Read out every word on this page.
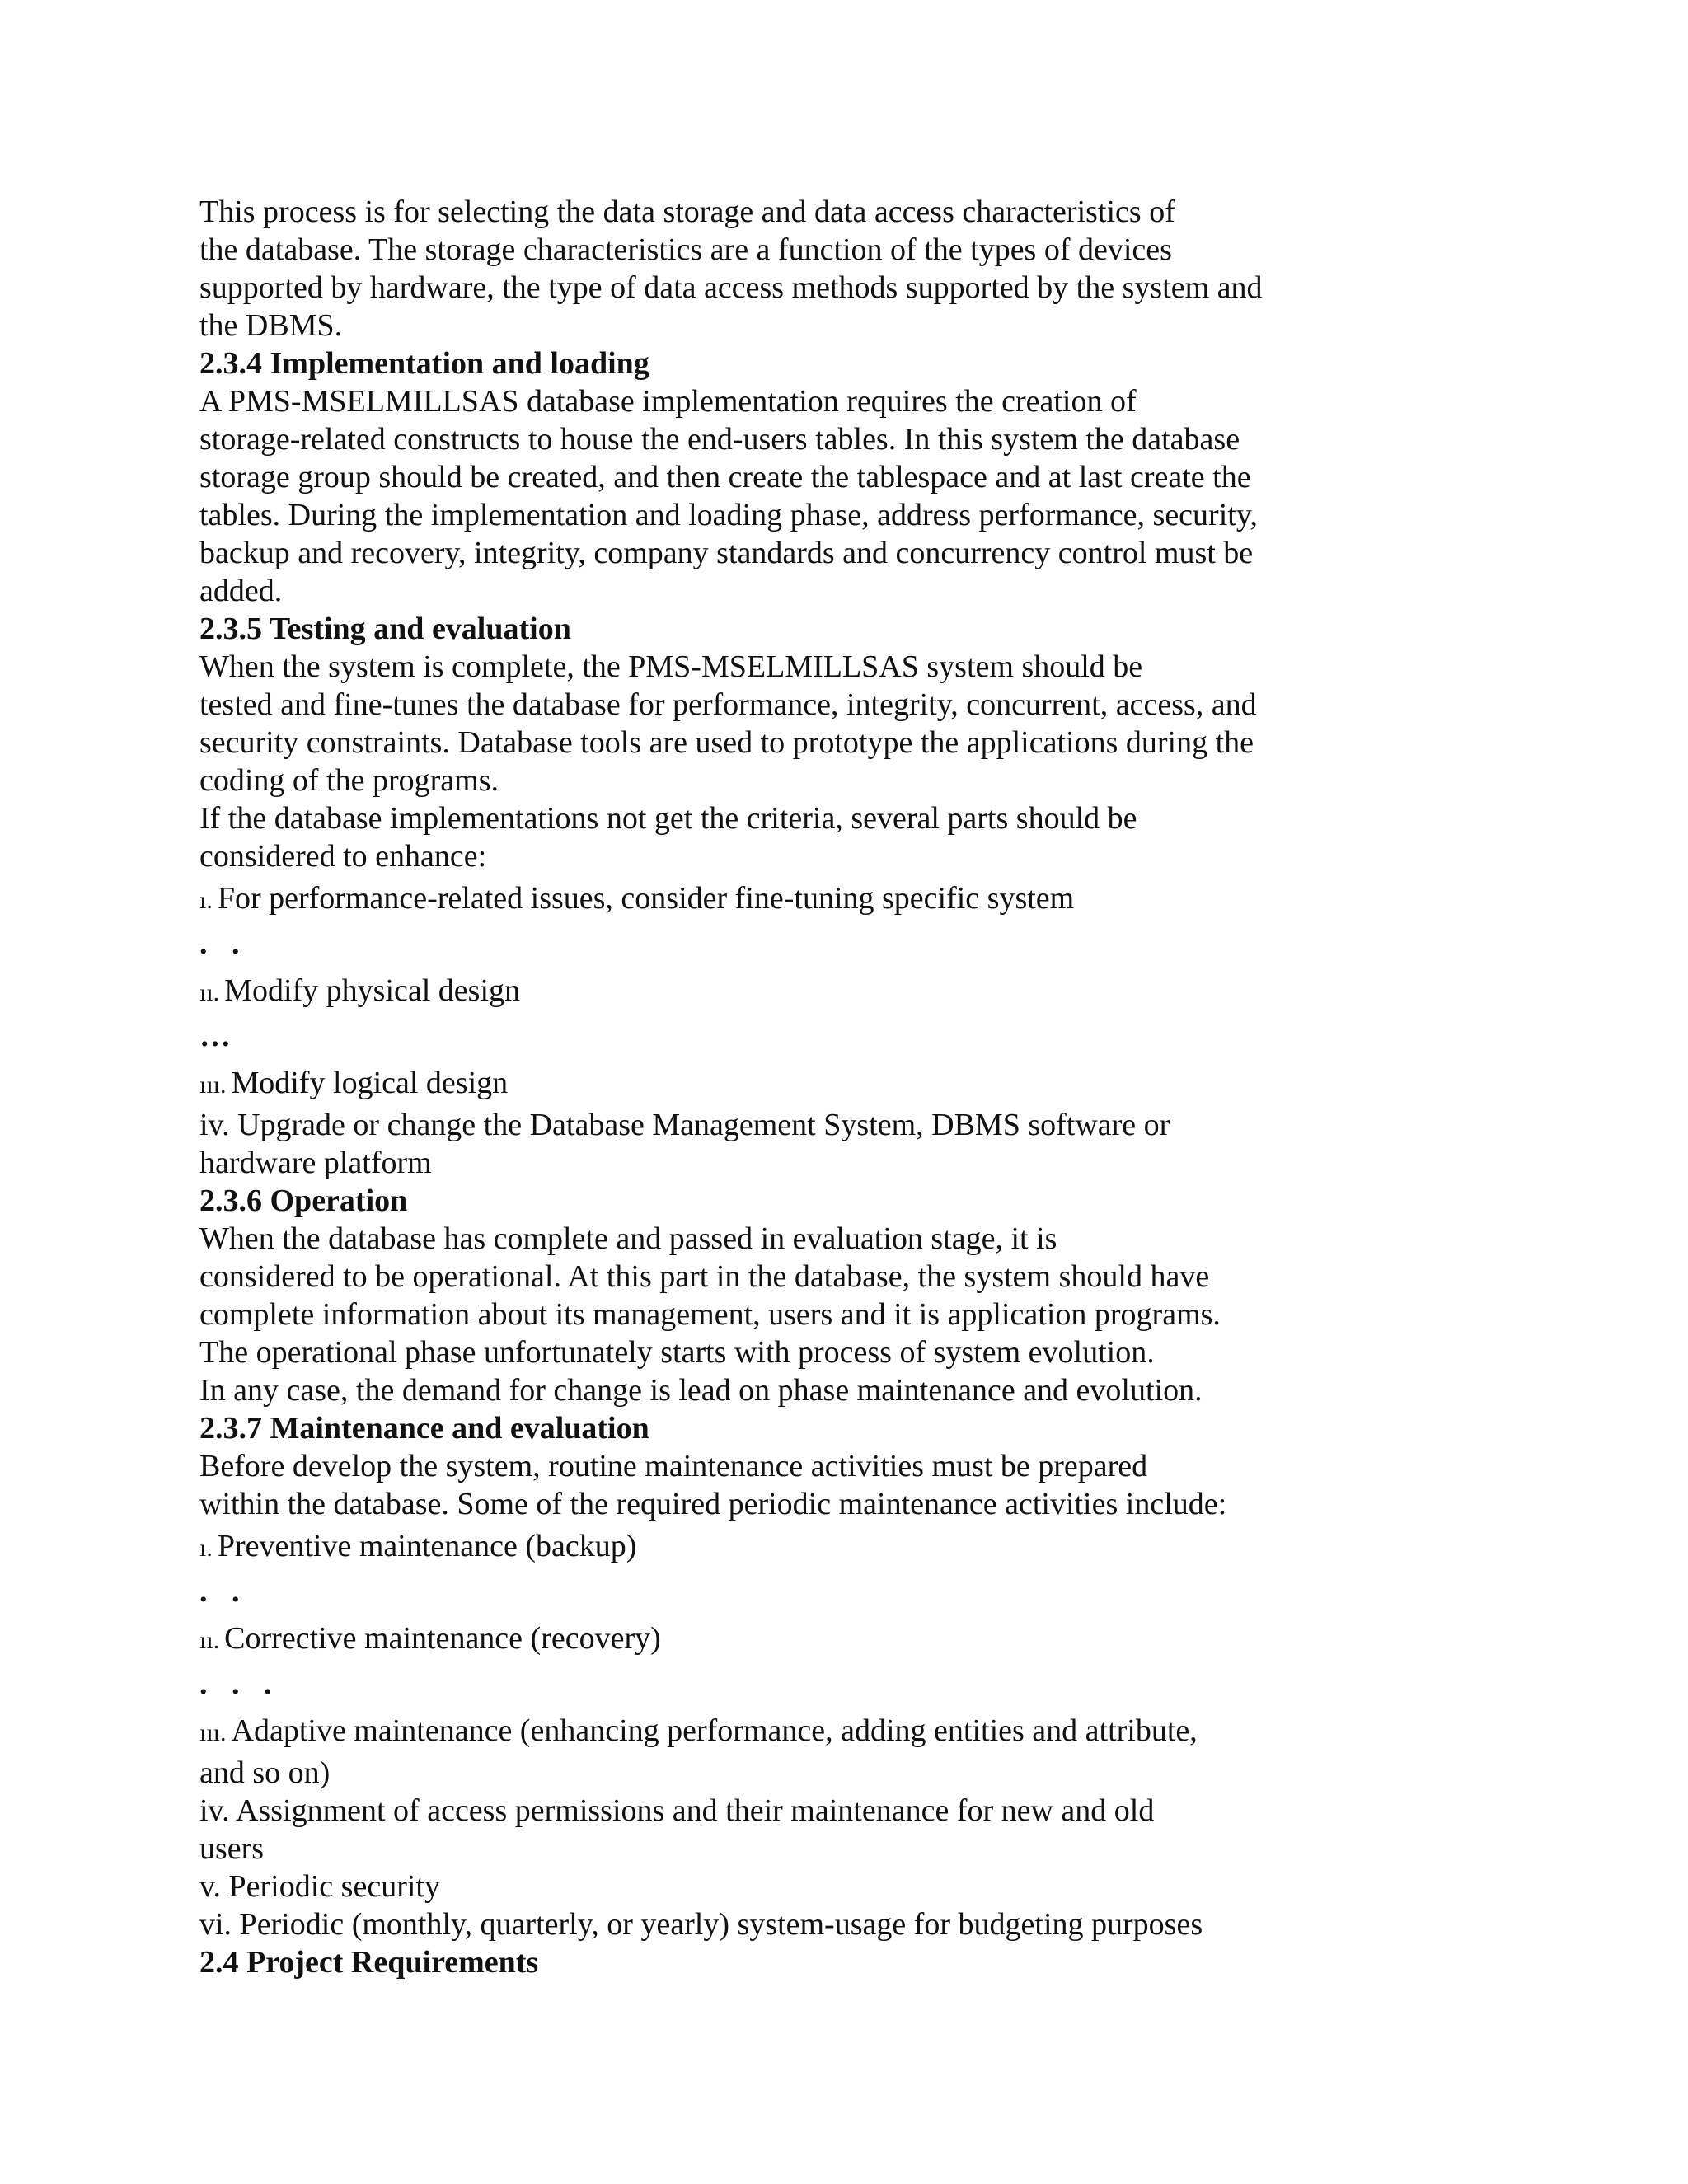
This process is for selecting the data storage and data access characteristics of
the database. The storage characteristics are a function of the types of devices
supported by hardware, the type of data access methods supported by the system and
the DBMS.
2.3.4 Implementation and loading
A PMS-MSELMILLSAS database implementation requires the creation of
storage-related constructs to house the end-users tables. In this system the database
storage group should be created, and then create the tablespace and at last create the
tables. During the implementation and loading phase, address performance, security,
backup and recovery, integrity, company standards and concurrency control must be
added.
2.3.5 Testing and evaluation
When the system is complete, the PMS-MSELMILLSAS system should be
tested and fine-tunes the database for performance, integrity, concurrent, access, and
security constraints. Database tools are used to prototype the applications during the
coding of the programs.
If the database implementations not get the criteria, several parts should be
considered to enhance:
ı. For performance-related issues, consider fine-tuning specific system
. .
ıı. Modify physical design
…
ııı. Modify logical design
iv. Upgrade or change the Database Management System, DBMS software or
hardware platform
2.3.6 Operation
When the database has complete and passed in evaluation stage, it is
considered to be operational. At this part in the database, the system should have
complete information about its management, users and it is application programs.
The operational phase unfortunately starts with process of system evolution.
In any case, the demand for change is lead on phase maintenance and evolution.
2.3.7 Maintenance and evaluation
Before develop the system, routine maintenance activities must be prepared
within the database. Some of the required periodic maintenance activities include:
ı. Preventive maintenance (backup)
. .
ıı. Corrective maintenance (recovery)
. . .
ııı. Adaptive maintenance (enhancing performance, adding entities and attribute,
and so on)
iv. Assignment of access permissions and their maintenance for new and old
users
v. Periodic security
vi. Periodic (monthly, quarterly, or yearly) system-usage for budgeting purposes
2.4 Project Requirements
